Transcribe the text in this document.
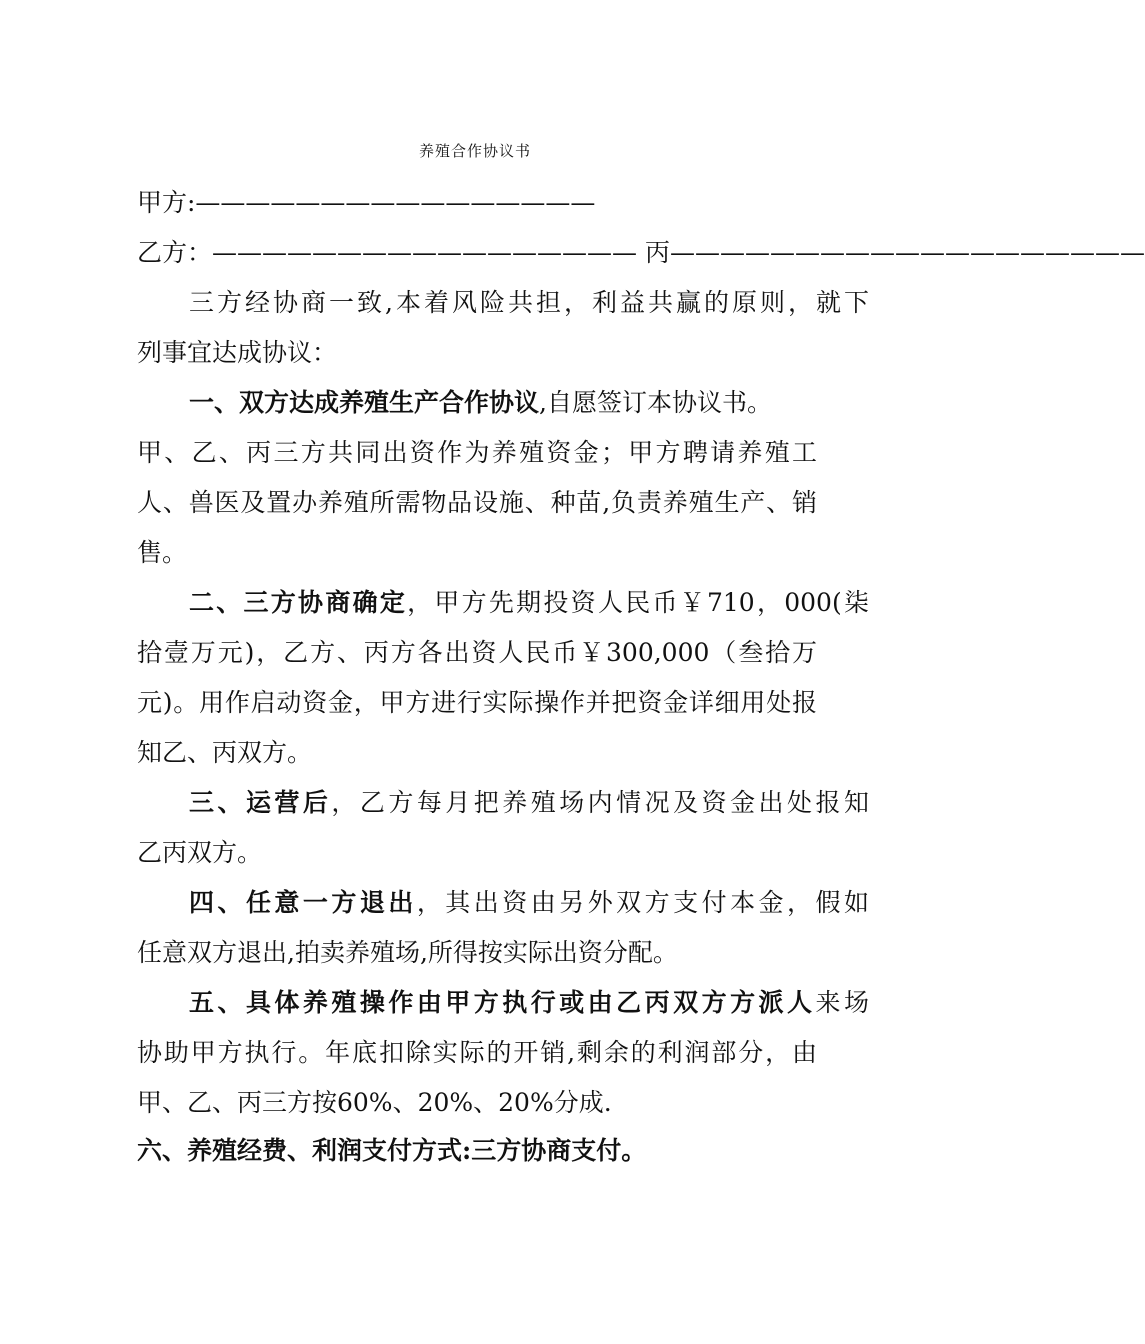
养殖合作协议书
甲方:————————————————
乙方：————————————————— 丙———————————————————
三方经协商一致,本着风险共担，利益共赢的原则，就下
列事宜达成协议：
一、双方达成养殖生产合作协议,自愿签订本协议书。
甲、乙、丙三方共同出资作为养殖资金；甲方聘请养殖工
人、兽医及置办养殖所需物品设施、种苗,负责养殖生产、销
售。
二、三方协商确定，甲方先期投资人民币￥710，000(柒
拾壹万元)，乙方、丙方各出资人民币￥300,000（叁拾万
元)。用作启动资金，甲方进行实际操作并把资金详细用处报
知乙、丙双方。
三、运营后，乙方每月把养殖场内情况及资金出处报知
乙丙双方。
四、任意一方退出，其出资由另外双方支付本金，假如
任意双方退出,拍卖养殖场,所得按实际出资分配。
五、具体养殖操作由甲方执行或由乙丙双方方派人来场
协助甲方执行。年底扣除实际的开销,剩余的利润部分，由
甲、乙、丙三方按60%、20%、20%分成.
六、养殖经费、利润支付方式:三方协商支付。
